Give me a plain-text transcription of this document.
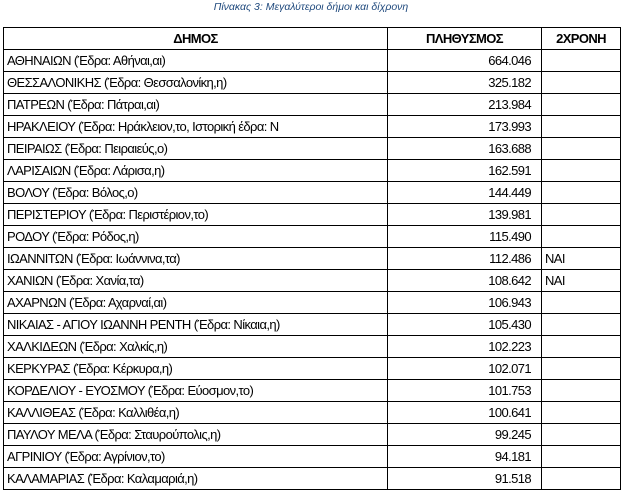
Πίνακας 3: Μεγαλύτεροι δήμοι και δίχρονη
ΔΗΜΟΣ	ΠΛΗΘΥΣΜΟΣ	2ΧΡΟΝΗ
ΑΘΗΝΑΙΩΝ (Έδρα: Αθήναι,αι)	664.046	
ΘΕΣΣΑΛΟΝΙΚΗΣ (Έδρα: Θεσσαλονίκη,η)	325.182	
ΠΑΤΡΕΩΝ (Έδρα: Πάτραι,αι)	213.984	
ΗΡΑΚΛΕΙΟΥ (Έδρα: Ηράκλειον,το, Ιστορική έδρα: Ν	173.993	
ΠΕΙΡΑΙΩΣ (Έδρα: Πειραιεύς,ο)	163.688	
ΛΑΡΙΣΑΙΩΝ (Έδρα: Λάρισα,η)	162.591	
ΒΟΛΟΥ (Έδρα: Βόλος,ο)	144.449	
ΠΕΡΙΣΤΕΡΙΟΥ (Έδρα: Περιστέριον,το)	139.981	
ΡΟΔΟΥ (Έδρα: Ρόδος,η)	115.490	
ΙΩΑΝΝΙΤΩΝ (Έδρα: Ιωάννινα,τα)	112.486	ΝΑΙ
ΧΑΝΙΩΝ (Έδρα: Χανία,τα)	108.642	ΝΑΙ
ΑΧΑΡΝΩΝ (Έδρα: Αχαρναί,αι)	106.943	
ΝΙΚΑΙΑΣ - ΑΓΙΟΥ ΙΩΑΝΝΗ ΡΕΝΤΗ (Έδρα: Νίκαια,η)	105.430	
ΧΑΛΚΙΔΕΩΝ (Έδρα: Χαλκίς,η)	102.223	
ΚΕΡΚΥΡΑΣ (Έδρα: Κέρκυρα,η)	102.071	
ΚΟΡΔΕΛΙΟΥ - ΕΥΟΣΜΟΥ (Έδρα: Εύοσμον,το)	101.753	
ΚΑΛΛΙΘΕΑΣ (Έδρα: Καλλιθέα,η)	100.641	
ΠΑΥΛΟΥ ΜΕΛΑ (Έδρα: Σταυρούπολις,η)	99.245	
ΑΓΡΙΝΙΟΥ (Έδρα: Αγρίνιον,το)	94.181	
ΚΑΛΑΜΑΡΙΑΣ (Έδρα: Καλαμαριά,η)	91.518	
